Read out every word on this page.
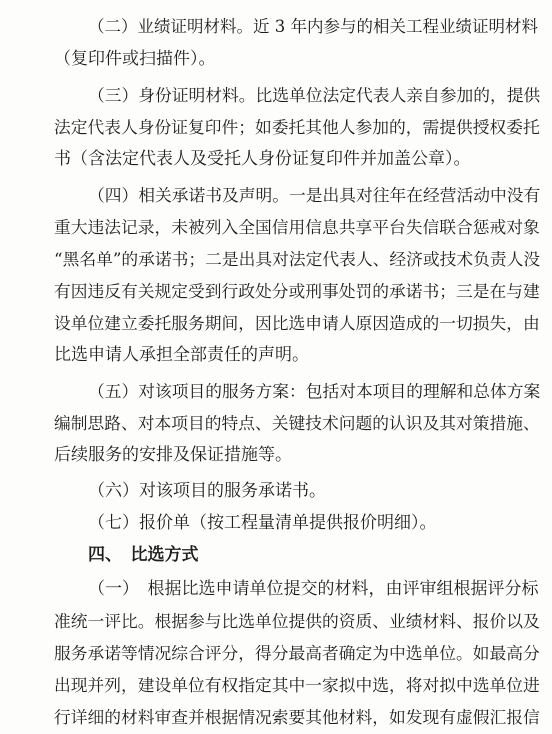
（二）业绩证明材料。近 3 年内参与的相关工程业绩证明材料

（复印件或扫描件）。

（三）身份证明材料。比选单位法定代表人亲自参加的，提供

法定代表人身份证复印件；如委托其他人参加的，需提供授权委托

书（含法定代表人及受托人身份证复印件并加盖公章）。

（四）相关承诺书及声明。一是出具对往年在经营活动中没有

重大违法记录，未被列入全国信用信息共享平台失信联合惩戒对象

“黑名单”的承诺书；二是出具对法定代表人、经济或技术负责人没

有因违反有关规定受到行政处分或刑事处罚的承诺书；三是在与建

设单位建立委托服务期间，因比选申请人原因造成的一切损失，由

比选申请人承担全部责任的声明。

（五）对该项目的服务方案：包括对本项目的理解和总体方案

编制思路、对本项目的特点、关键技术问题的认识及其对策措施、

后续服务的安排及保证措施等。

（六）对该项目的服务承诺书。

（七）报价单（按工程量清单提供报价明细）。

四、　比选方式

（一）　根据比选申请单位提交的材料，由评审组根据评分标

准统一评比。根据参与比选单位提供的资质、业绩材料、报价以及

服务承诺等情况综合评分，得分最高者确定为中选单位。如最高分

出现并列，建设单位有权指定其中一家拟中选，将对拟中选单位进

行详细的材料审查并根据情况索要其他材料，如发现有虚假汇报信
